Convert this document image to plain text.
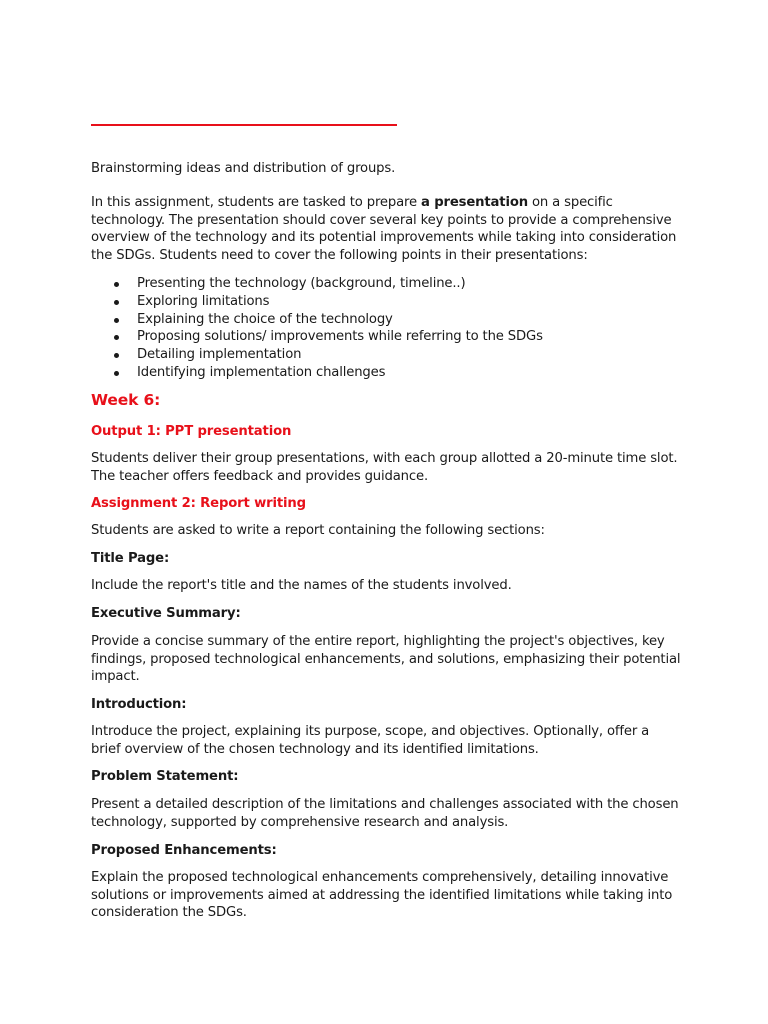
Brainstorming ideas and distribution of groups.
In this assignment, students are tasked to prepare a presentation on a specific technology. The presentation should cover several key points to provide a comprehensive overview of the technology and its potential improvements while taking into consideration the SDGs. Students need to cover the following points in their presentations:
Presenting the technology (background, timeline..)
Exploring limitations
Explaining the choice of the technology
Proposing solutions/ improvements while referring to the SDGs
Detailing implementation
Identifying implementation challenges
Week 6:
Output 1: PPT presentation
Students deliver their group presentations, with each group allotted a 20-minute time slot. The teacher offers feedback and provides guidance.
Assignment 2: Report writing
Students are asked to write a report containing the following sections:
Title Page:
Include the report's title and the names of the students involved.
Executive Summary:
Provide a concise summary of the entire report, highlighting the project's objectives, key findings, proposed technological enhancements, and solutions, emphasizing their potential impact.
Introduction:
Introduce the project, explaining its purpose, scope, and objectives. Optionally, offer a brief overview of the chosen technology and its identified limitations.
Problem Statement:
Present a detailed description of the limitations and challenges associated with the chosen technology, supported by comprehensive research and analysis.
Proposed Enhancements:
Explain the proposed technological enhancements comprehensively, detailing innovative solutions or improvements aimed at addressing the identified limitations while taking into consideration the SDGs.
